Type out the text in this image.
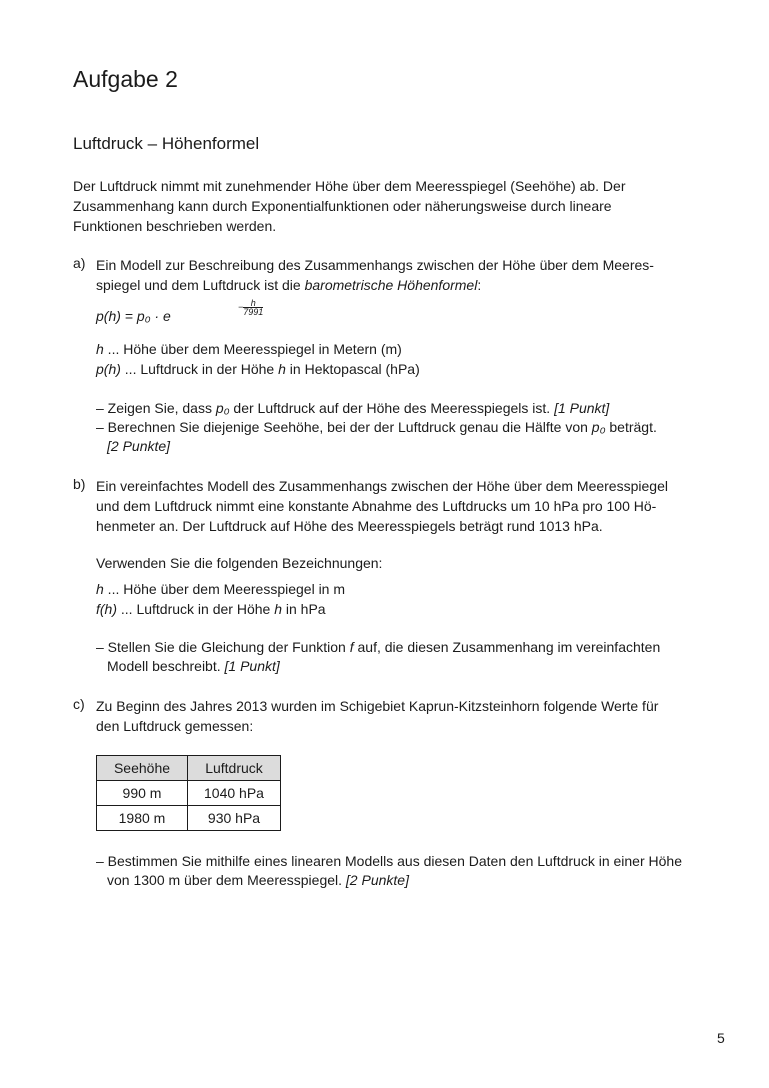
Aufgabe 2
Luftdruck – Höhenformel
Der Luftdruck nimmt mit zunehmender Höhe über dem Meeresspiegel (Seehöhe) ab. Der
Zusammenhang kann durch Exponentialfunktionen oder näherungsweise durch lineare
Funktionen beschrieben werden.
a) Ein Modell zur Beschreibung des Zusammenhangs zwischen der Höhe über dem Meeres-
spiegel und dem Luftdruck ist die barometrische Höhenformel:
p(h) = p₀ · e
− $\frac{h}{7991}$
h ... Höhe über dem Meeresspiegel in Metern (m)
p(h) ... Luftdruck in der Höhe h in Hektopascal (hPa)
– Zeigen Sie, dass p₀ der Luftdruck auf der Höhe des Meeresspiegels ist. [1 Punkt]
– Berechnen Sie diejenige Seehöhe, bei der der Luftdruck genau die Hälfte von p₀ beträgt.
[2 Punkte]
b) Ein vereinfachtes Modell des Zusammenhangs zwischen der Höhe über dem Meeresspiegel
und dem Luftdruck nimmt eine konstante Abnahme des Luftdrucks um 10 hPa pro 100 Hö-
henmeter an. Der Luftdruck auf Höhe des Meeresspiegels beträgt rund 1013 hPa.
Verwenden Sie die folgenden Bezeichnungen:
h ... Höhe über dem Meeresspiegel in m
f(h) ... Luftdruck in der Höhe h in hPa
– Stellen Sie die Gleichung der Funktion f auf, die diesen Zusammenhang im vereinfachten
Modell beschreibt. [1 Punkt]
c) Zu Beginn des Jahres 2013 wurden im Schigebiet Kaprun-Kitzsteinhorn folgende Werte für
den Luftdruck gemessen:
Seehöhe	Luftdruck
990 m	1040 hPa
1980 m	930 hPa
– Bestimmen Sie mithilfe eines linearen Modells aus diesen Daten den Luftdruck in einer Höhe
von 1300 m über dem Meeresspiegel. [2 Punkte]
5
